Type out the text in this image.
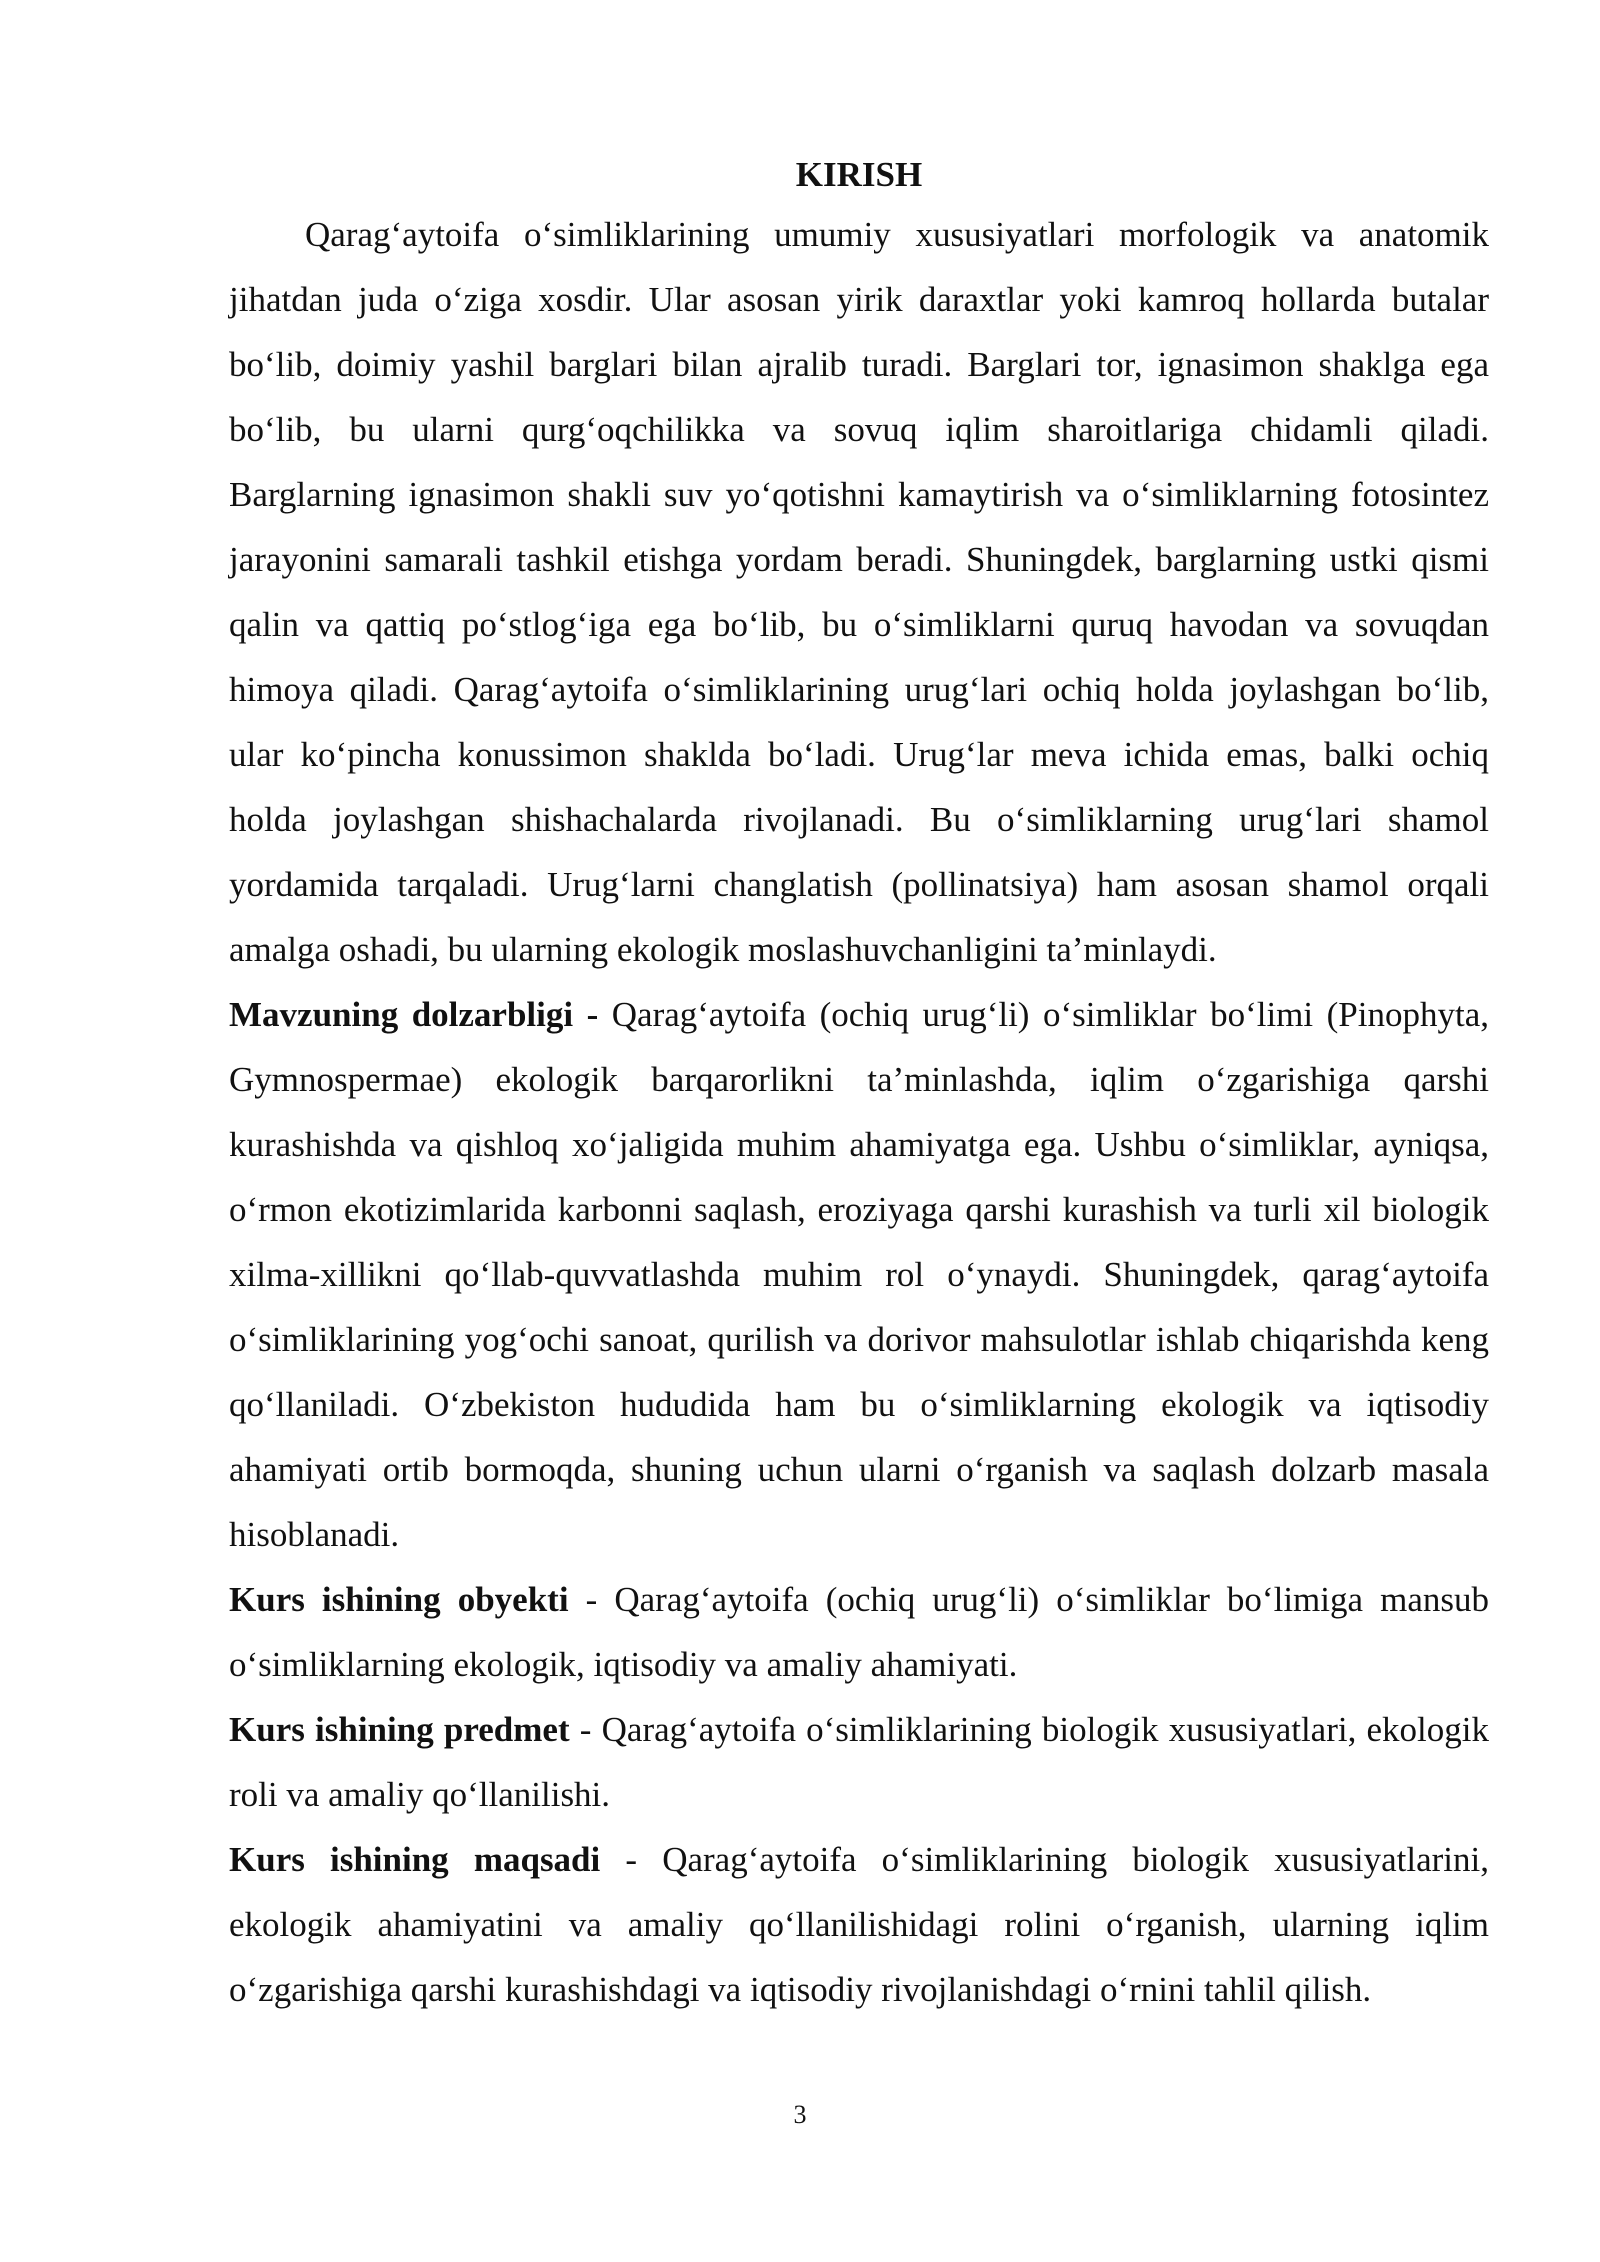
KIRISH

Qarag‘aytoifa o‘simliklarining umumiy xususiyatlari morfologik va anatomik jihatdan juda o‘ziga xosdir. Ular asosan yirik daraxtlar yoki kamroq hollarda butalar bo‘lib, doimiy yashil barglari bilan ajralib turadi. Barglari tor, ignasimon shaklga ega bo‘lib, bu ularni qurg‘oqchilikka va sovuq iqlim sharoitlariga chidamli qiladi. Barglarning ignasimon shakli suv yo‘qotishni kamaytirish va o‘simliklarning fotosintez jarayonini samarali tashkil etishga yordam beradi. Shuningdek, barglarning ustki qismi qalin va qattiq po‘stlog‘iga ega bo‘lib, bu o‘simliklarni quruq havodan va sovuqdan himoya qiladi. Qarag‘aytoifa o‘simliklarining urug‘lari ochiq holda joylashgan bo‘lib, ular ko‘pincha konussimon shaklda bo‘ladi. Urug‘lar meva ichida emas, balki ochiq holda joylashgan shishachalarda rivojlanadi. Bu o‘simliklarning urug‘lari shamol yordamida tarqaladi. Urug‘larni changlatish (pollinatsiya) ham asosan shamol orqali amalga oshadi, bu ularning ekologik moslashuvchanligini ta’minlaydi.

Mavzuning dolzarbligi - Qarag‘aytoifa (ochiq urug‘li) o‘simliklar bo‘limi (Pinophyta, Gymnospermae) ekologik barqarorlikni ta’minlashda, iqlim o‘zgarishiga qarshi kurashishda va qishloq xo‘jaligida muhim ahamiyatga ega. Ushbu o‘simliklar, ayniqsa, o‘rmon ekotizimlarida karbonni saqlash, eroziyaga qarshi kurashish va turli xil biologik xilma-xillikni qo‘llab-quvvatlashda muhim rol o‘ynaydi. Shuningdek, qarag‘aytoifa o‘simliklarining yog‘ochi sanoat, qurilish va dorivor mahsulotlar ishlab chiqarishda keng qo‘llaniladi. O‘zbekiston hududida ham bu o‘simliklarning ekologik va iqtisodiy ahamiyati ortib bormoqda, shuning uchun ularni o‘rganish va saqlash dolzarb masala hisoblanadi.

Kurs ishining obyekti - Qarag‘aytoifa (ochiq urug‘li) o‘simliklar bo‘limiga mansub o‘simliklarning ekologik, iqtisodiy va amaliy ahamiyati.

Kurs ishining predmet - Qarag‘aytoifa o‘simliklarining biologik xususiyatlari, ekologik roli va amaliy qo‘llanilishi.

Kurs ishining maqsadi - Qarag‘aytoifa o‘simliklarining biologik xususiyatlarini, ekologik ahamiyatini va amaliy qo‘llanilishidagi rolini o‘rganish, ularning iqlim o‘zgarishiga qarshi kurashishdagi va iqtisodiy rivojlanishdagi o‘rnini tahlil qilish.

3
